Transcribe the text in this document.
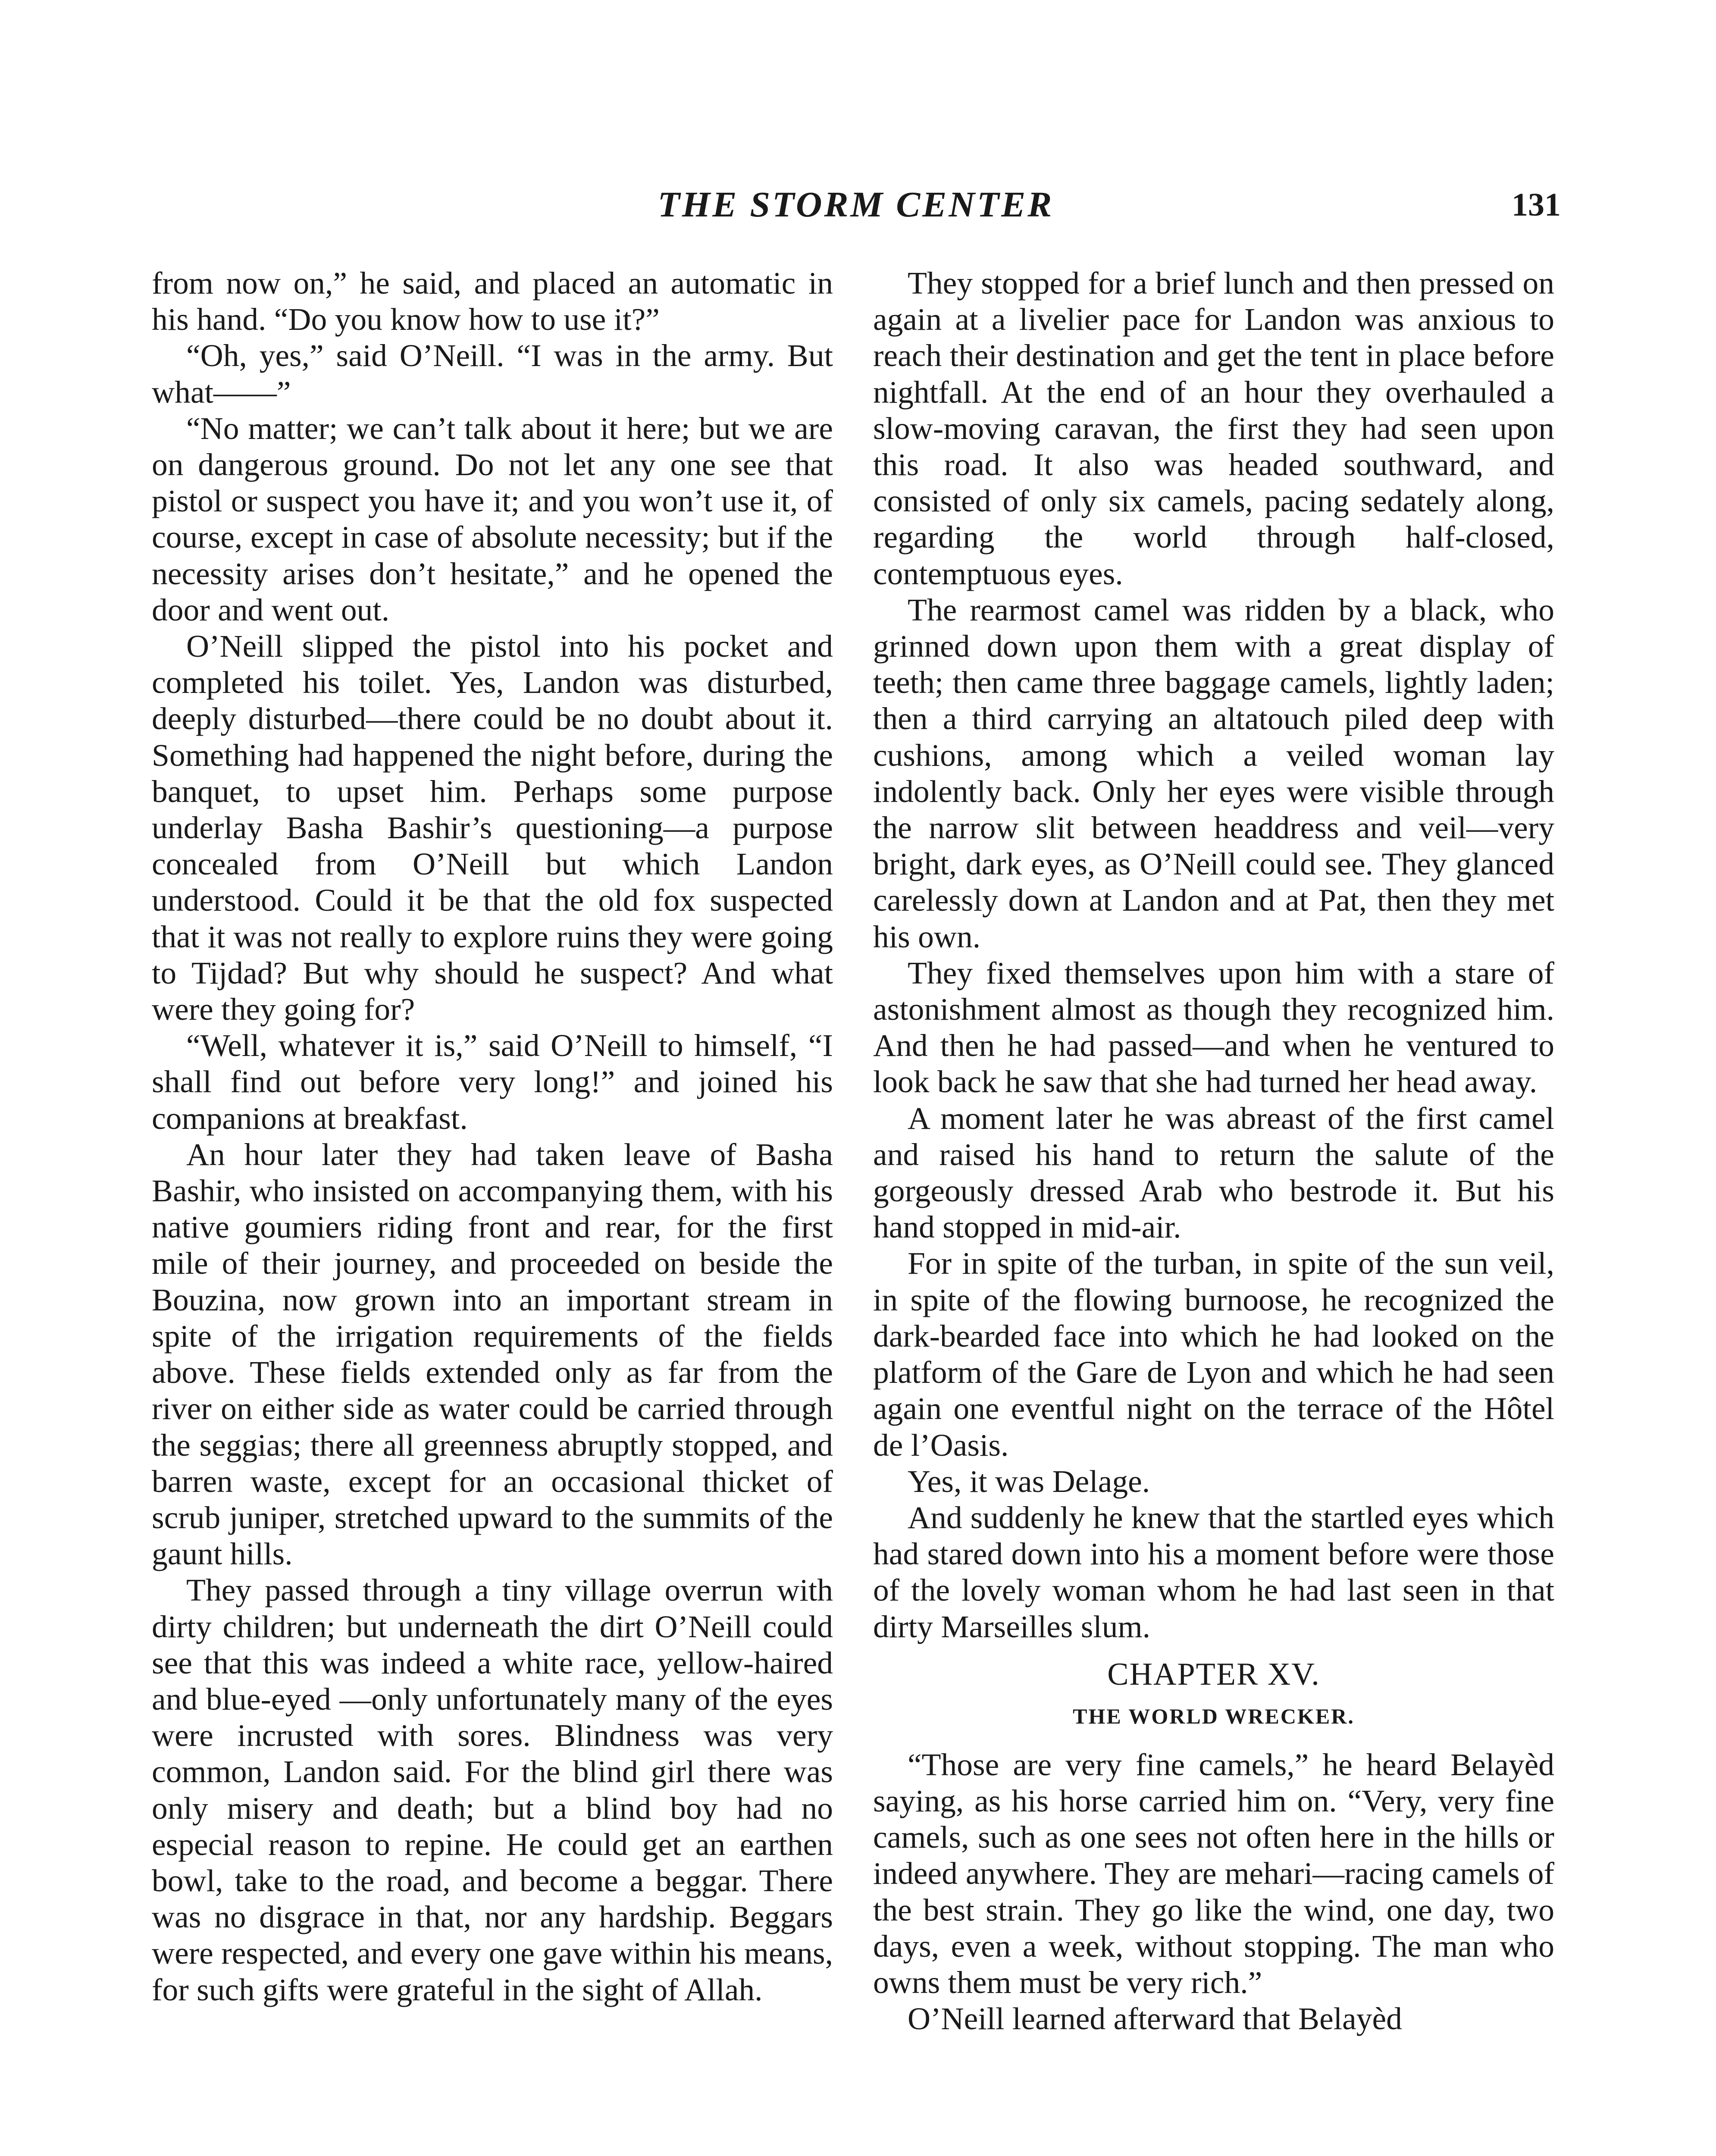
THE STORM CENTER	131

from now on,” he said, and placed an automatic in his hand. “Do you know how to use it?”

“Oh, yes,” said O’Neill. “I was in the army. But what——”

“No matter; we can’t talk about it here; but we are on dangerous ground. Do not let any one see that pistol or suspect you have it; and you won’t use it, of course, except in case of absolute necessity; but if the necessity arises don’t hesitate,” and he opened the door and went out.

O’Neill slipped the pistol into his pocket and completed his toilet. Yes, Landon was disturbed, deeply disturbed—there could be no doubt about it. Something had happened the night before, during the banquet, to upset him. Perhaps some purpose underlay Basha Bashir’s questioning—a purpose concealed from O’Neill but which Landon understood. Could it be that the old fox suspected that it was not really to explore ruins they were going to Tijdad? But why should he suspect? And what were they going for?

“Well, whatever it is,” said O’Neill to himself, “I shall find out before very long!” and joined his companions at breakfast.

An hour later they had taken leave of Basha Bashir, who insisted on accompanying them, with his native goumiers riding front and rear, for the first mile of their journey, and proceeded on beside the Bouzina, now grown into an important stream in spite of the irrigation requirements of the fields above. These fields extended only as far from the river on either side as water could be carried through the seggias; there all greenness abruptly stopped, and barren waste, except for an occasional thicket of scrub juniper, stretched upward to the summits of the gaunt hills.

They passed through a tiny village overrun with dirty children; but underneath the dirt O’Neill could see that this was indeed a white race, yellow-haired and blue-eyed —only unfortunately many of the eyes were incrusted with sores. Blindness was very common, Landon said. For the blind girl there was only misery and death; but a blind boy had no especial reason to repine. He could get an earthen bowl, take to the road, and become a beggar. There was no disgrace in that, nor any hardship. Beggars were respected, and every one gave within his means, for such gifts were grateful in the sight of Allah.

They stopped for a brief lunch and then pressed on again at a livelier pace for Landon was anxious to reach their destination and get the tent in place before nightfall. At the end of an hour they overhauled a slow-moving caravan, the first they had seen upon this road. It also was headed southward, and consisted of only six camels, pacing sedately along, regarding the world through half-closed, contemptuous eyes.

The rearmost camel was ridden by a black, who grinned down upon them with a great display of teeth; then came three baggage camels, lightly laden; then a third carrying an altatouch piled deep with cushions, among which a veiled woman lay indolently back. Only her eyes were visible through the narrow slit between headdress and veil—very bright, dark eyes, as O’Neill could see. They glanced carelessly down at Landon and at Pat, then they met his own.

They fixed themselves upon him with a stare of astonishment almost as though they recognized him. And then he had passed—and when he ventured to look back he saw that she had turned her head away.

A moment later he was abreast of the first camel and raised his hand to return the salute of the gorgeously dressed Arab who bestrode it. But his hand stopped in mid-air.

For in spite of the turban, in spite of the sun veil, in spite of the flowing burnoose, he recognized the dark-bearded face into which he had looked on the platform of the Gare de Lyon and which he had seen again one eventful night on the terrace of the Hôtel de l’Oasis.

Yes, it was Delage.

And suddenly he knew that the startled eyes which had stared down into his a moment before were those of the lovely woman whom he had last seen in that dirty Marseilles slum.

CHAPTER XV.
THE WORLD WRECKER.

“Those are very fine camels,” he heard Belayèd saying, as his horse carried him on. “Very, very fine camels, such as one sees not often here in the hills or indeed anywhere. They are mehari—racing camels of the best strain. They go like the wind, one day, two days, even a week, without stopping. The man who owns them must be very rich.”

O’Neill learned afterward that Belayèd
